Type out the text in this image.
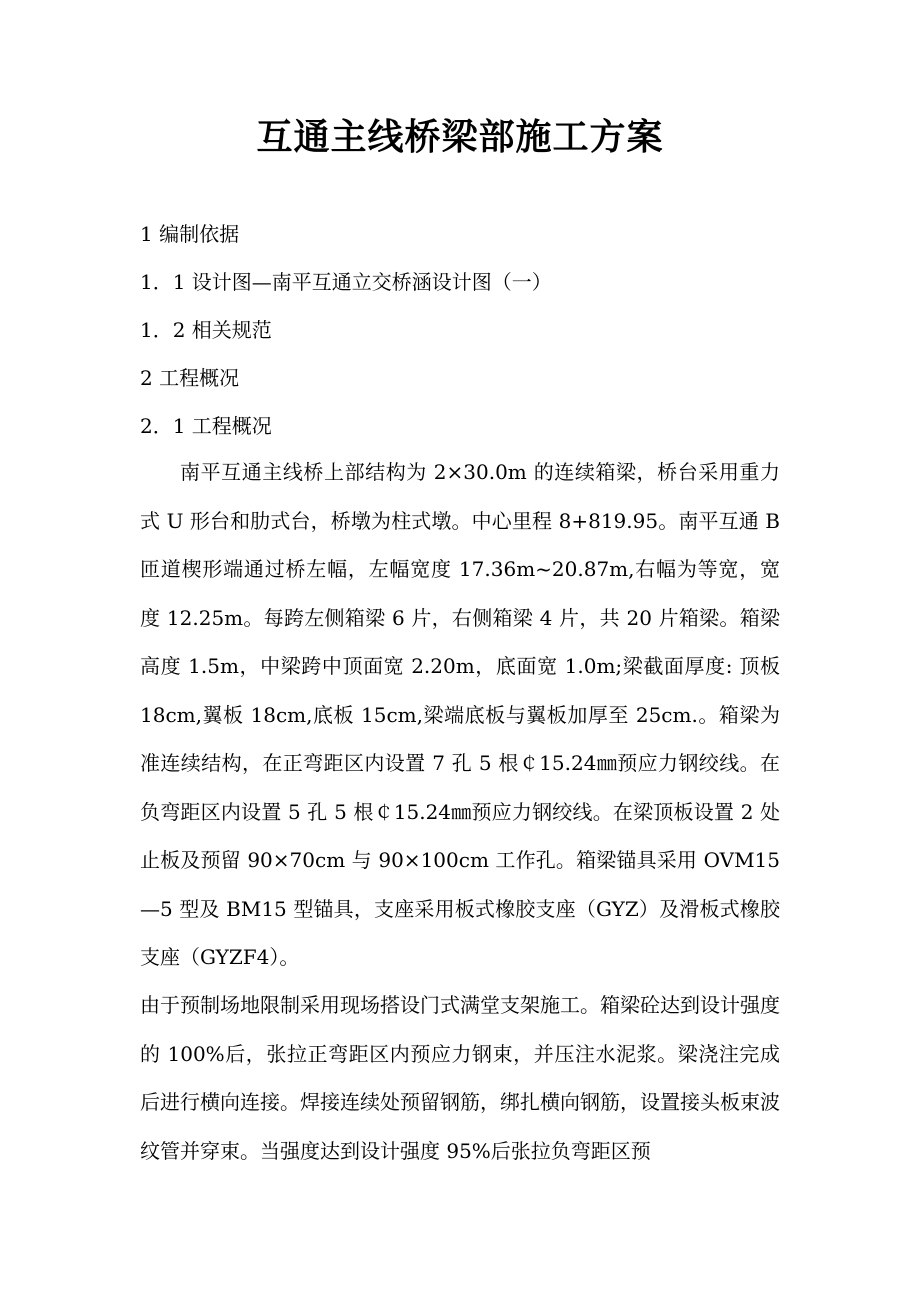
互通主线桥梁部施工方案
1 编制依据
1．1 设计图—南平互通立交桥涵设计图（一）
1．2 相关规范
2 工程概况
2．1 工程概况

南平互通主线桥上部结构为 2×30.0m 的连续箱梁，桥台采用重力式 U 形台和肋式台，桥墩为柱式墩。中心里程 8+819.95。南平互通 B 匝道楔形端通过桥左幅，左幅宽度 17.36m~20.87m,右幅为等宽，宽度 12.25m。每跨左侧箱梁 6 片，右侧箱梁 4 片，共 20 片箱梁。箱梁高度 1.5m，中梁跨中顶面宽 2.20m，底面宽 1.0m;梁截面厚度: 顶板 18cm,翼板 18cm,底板 15cm,梁端底板与翼板加厚至 25cm.。箱梁为准连续结构，在正弯距区内设置 7 孔 5 根￠15.24㎜预应力钢绞线。在负弯距区内设置 5 孔 5 根￠15.24㎜预应力钢绞线。在梁顶板设置 2 处止板及预留 90×70cm 与 90×100cm 工作孔。箱梁锚具采用 OVM15—5 型及 BM15 型锚具，支座采用板式橡胶支座（GYZ）及滑板式橡胶支座（GYZF4）。

由于预制场地限制采用现场搭设门式满堂支架施工。箱梁砼达到设计强度的 100%后，张拉正弯距区内预应力钢束，并压注水泥浆。梁浇注完成后进行横向连接。焊接连续处预留钢筋，绑扎横向钢筋，设置接头板束波纹管并穿束。当强度达到设计强度 95%后张拉负弯距区预
